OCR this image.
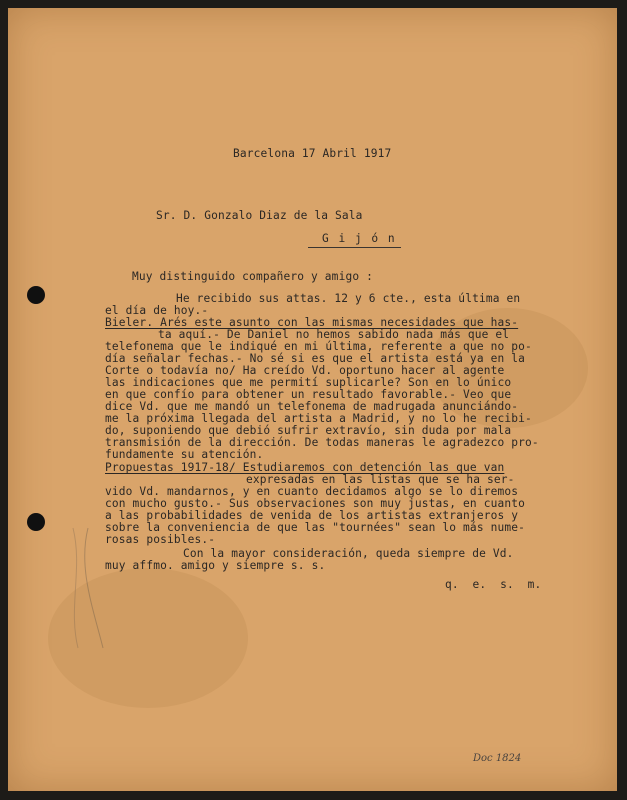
Barcelona 17 Abril 1917
Sr. D. Gonzalo Diaz de la Sala
G i j ó n
Muy distinguido compañero y amigo :
He recibido sus attas. 12 y 6 cte., esta última en
el día de hoy.-
Bieler. Arés este asunto con las mismas necesidades que has-
ta aquí.- De Daniel no hemos sabido nada más que el
telefonema que le indiqué en mi última, referente a que no po-
día señalar fechas.- No sé si es que el artista está ya en la
Corte o todavía no/ Ha creído Vd. oportuno hacer al agente
las indicaciones que me permití suplicarle? Son en lo único
en que confío para obtener un resultado favorable.- Veo que
dice Vd. que me mandó un telefonema de madrugada anunciándo-
me la próxima llegada del artista a Madrid, y no lo he recibi-
do, suponiendo que debió sufrir extravío, sin duda por mala
transmisión de la dirección. De todas maneras le agradezco pro-
fundamente su atención.
Propuestas 1917-18/ Estudiaremos con detención las que van
expresadas en las listas que se ha ser-
vido Vd. mandarnos, y en cuanto decidamos algo se lo diremos
con mucho gusto.- Sus observaciones son muy justas, en cuanto
a las probabilidades de venida de los artistas extranjeros y
sobre la conveniencia de que las "tournées" sean lo más nume-
rosas posibles.-
Con la mayor consideración, queda siempre de Vd.
muy affmo. amigo y siempre s. s.
q.  e.  s.  m.
Doc 1824
